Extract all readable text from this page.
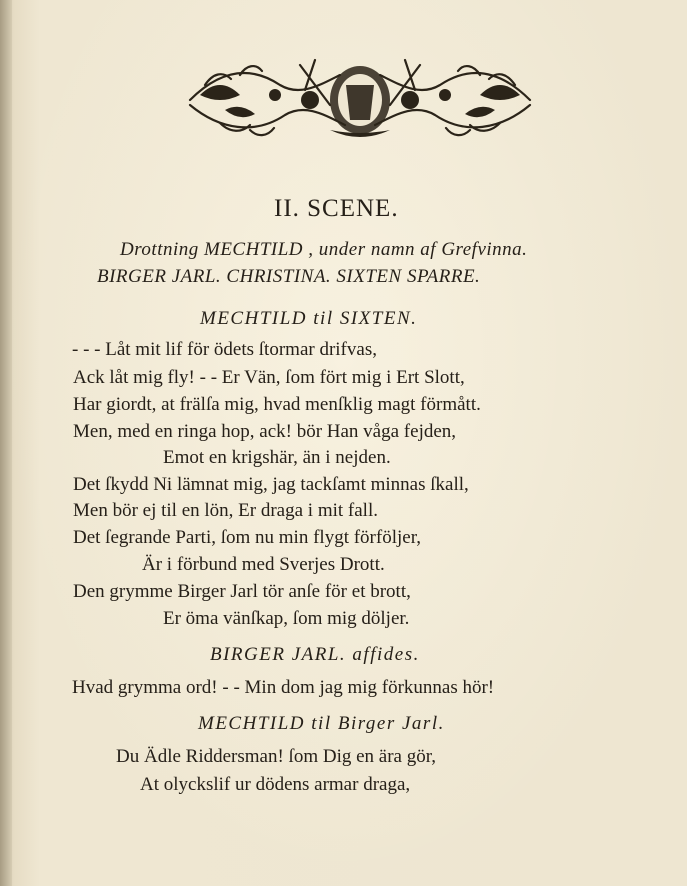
II. SCENE.
Drottning MECHTILD , under namn af Grefvinna.
BIRGER JARL. CHRISTINA. SIXTEN SPARRE.
MECHTILD til SIXTEN.
- - - Låt mit lif för ödets ſtormar drifvas,
Ack låt mig fly! - - Er Vän, ſom fört mig i Ert Slott,
Har giordt, at frälſa mig, hvad menſklig magt förmått.
Men, med en ringa hop, ack! bör Han våga fejden,
Emot en krigshär, än i nejden.
Det ſkydd Ni lämnat mig, jag tackſamt minnas ſkall,
Men bör ej til en lön, Er draga i mit fall.
Det ſegrande Parti, ſom nu min flygt förföljer,
Är i förbund med Sverjes Drott.
Den grymme Birger Jarl tör anſe för et brott,
Er öma vänſkap, ſom mig döljer.
BIRGER JARL. affides.
Hvad grymma ord! - - Min dom jag mig förkunnas hör!
MECHTILD til Birger Jarl.
Du Ädle Riddersman! ſom Dig en ära gör,
At olyckslif ur dödens armar draga,
